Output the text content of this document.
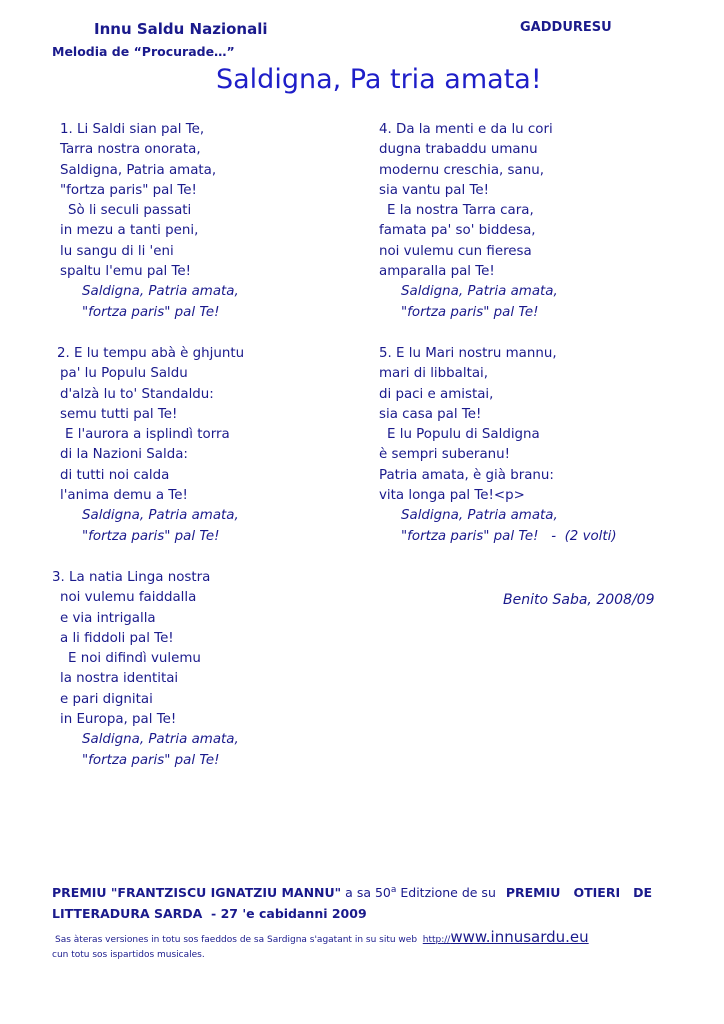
Innu Saldu Nazionali
Melodia de “Procurade…”
GADDURESU
Saldigna, Pa tria amata!
1. Li Saldi sian pal Te,
Tarra nostra onorata,
Saldigna, Patria amata,
"fortza paris" pal Te!
Sò li seculi passati
in mezu a tanti peni,
lu sangu di li 'eni
spaltu l'emu pal Te!
Saldigna, Patria amata,
"fortza paris" pal Te!
2. E lu tempu abà è ghjuntu
pa' lu Populu Saldu
d'alzà lu to' Standaldu:
semu tutti pal Te!
E l'aurora a isplindì torra
di la Nazioni Salda:
di tutti noi calda
l'anima demu a Te!
Saldigna, Patria amata,
"fortza paris" pal Te!
3. La natia Linga nostra
noi vulemu faiddalla
e via intrigalla
a li fiddoli pal Te!
E noi difindì vulemu
la nostra identitai
e pari dignitai
in Europa, pal Te!
Saldigna, Patria amata,
"fortza paris" pal Te!
4. Da la menti e da lu cori
dugna trabaddu umanu
modernu creschia, sanu,
sia vantu pal Te!
E la nostra Tarra cara,
famata pa' so' biddesa,
noi vulemu cun fieresa
amparalla pal Te!
Saldigna, Patria amata,
"fortza paris" pal Te!
5. E lu Mari nostru mannu,
mari di libbaltai,
di paci e amistai,
sia casa pal Te!
E lu Populu di Saldigna
è sempri suberanu!
Patria amata, è già branu:
vita longa pal Te!<p>
Saldigna, Patria amata,
"fortza paris" pal Te!   -  (2 volti)
Benito Saba, 2008/09
PREMIU "FRANTZISCU IGNATZIU MANNU" a sa 50$^a$ Editzione de su PREMIU   OTIERI   DE
LITTERADURA SARDA  - 27 'e cabidanni 2009
Sas àteras versiones in totu sos faeddos de sa Sardigna s'agatant in su situ web http://www.innusardu.eu
cun totu sos ispartidos musicales.
